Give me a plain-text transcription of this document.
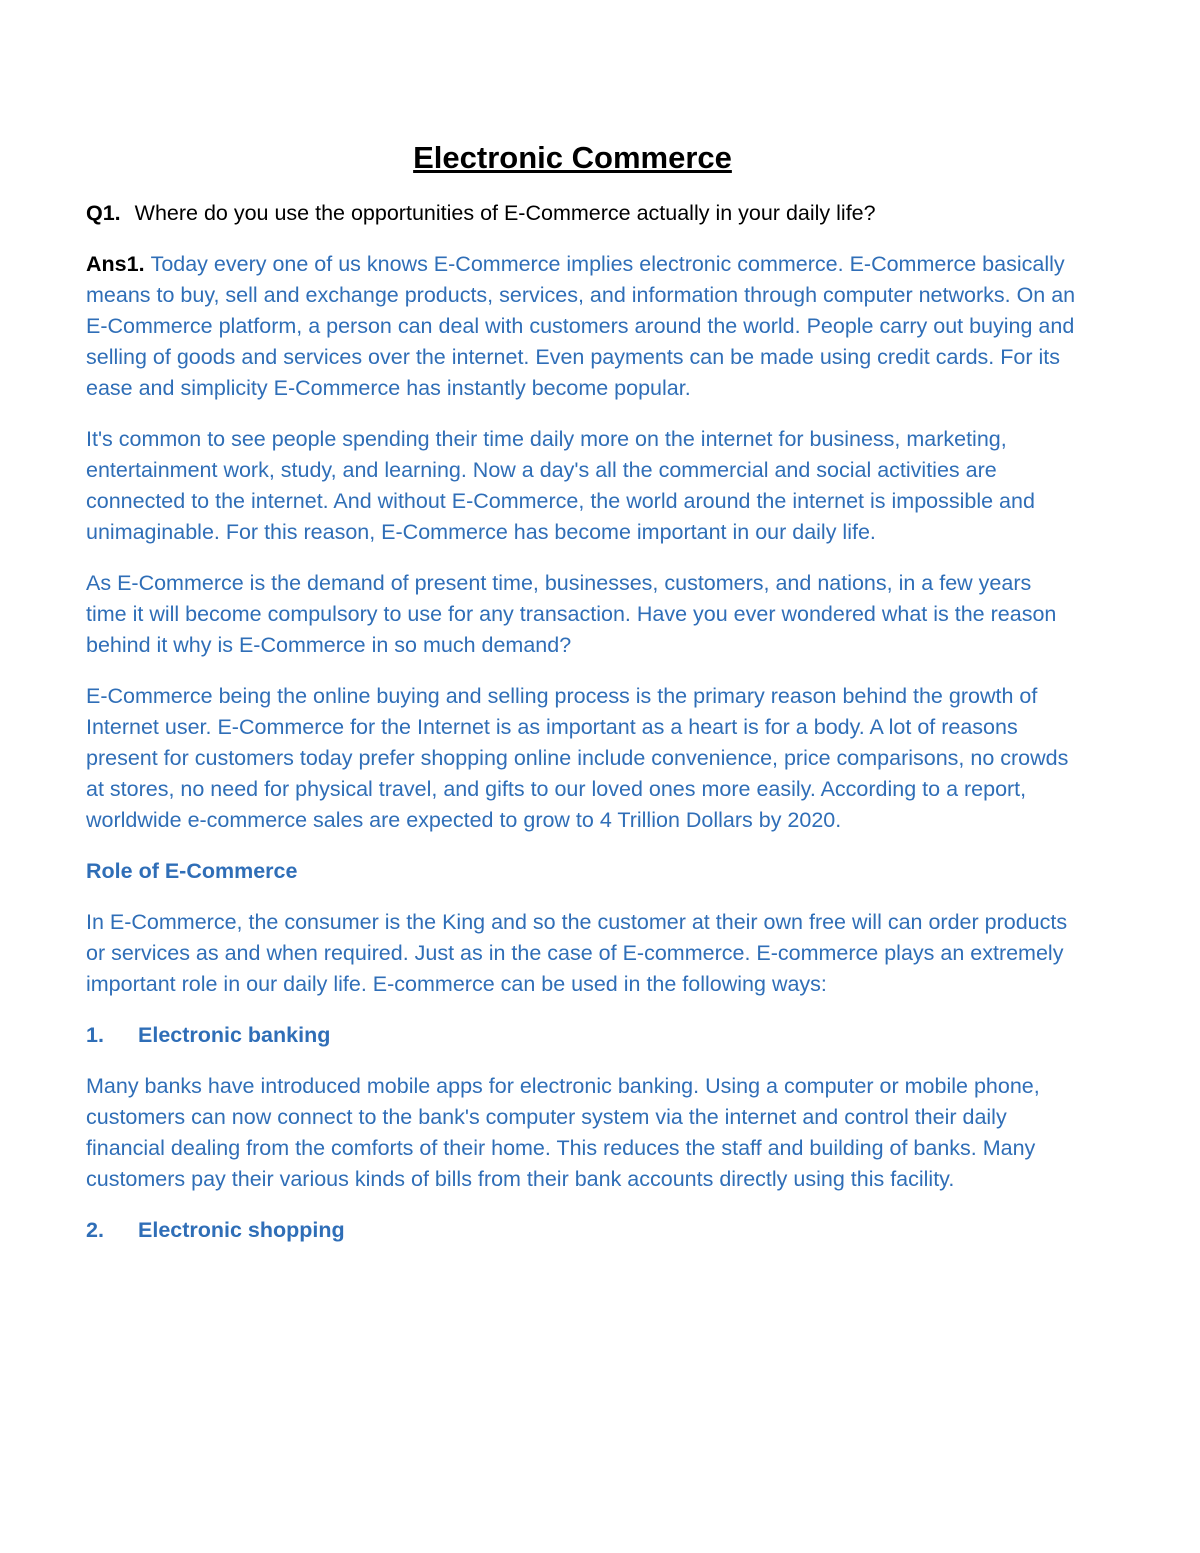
Electronic Commerce

Q1. Where do you use the opportunities of E-Commerce actually in your daily life?

Ans1. Today every one of us knows E-Commerce implies electronic commerce. E-Commerce basically means to buy, sell and exchange products, services, and information through computer networks. On an E-Commerce platform, a person can deal with customers around the world. People carry out buying and selling of goods and services over the internet. Even payments can be made using credit cards. For its ease and simplicity E-Commerce has instantly become popular.

It's common to see people spending their time daily more on the internet for business, marketing, entertainment work, study, and learning. Now a day's all the commercial and social activities are connected to the internet. And without E-Commerce, the world around the internet is impossible and unimaginable. For this reason, E-Commerce has become important in our daily life.

As E-Commerce is the demand of present time, businesses, customers, and nations, in a few years time it will become compulsory to use for any transaction. Have you ever wondered what is the reason behind it why is E-Commerce in so much demand?

E-Commerce being the online buying and selling process is the primary reason behind the growth of Internet user. E-Commerce for the Internet is as important as a heart is for a body. A lot of reasons present for customers today prefer shopping online include convenience, price comparisons, no crowds at stores, no need for physical travel, and gifts to our loved ones more easily. According to a report, worldwide e-commerce sales are expected to grow to 4 Trillion Dollars by 2020.

Role of E-Commerce

In E-Commerce, the consumer is the King and so the customer at their own free will can order products or services as and when required. Just as in the case of E-commerce. E-commerce plays an extremely important role in our daily life. E-commerce can be used in the following ways:

1. Electronic banking

Many banks have introduced mobile apps for electronic banking. Using a computer or mobile phone, customers can now connect to the bank's computer system via the internet and control their daily financial dealing from the comforts of their home. This reduces the staff and building of banks. Many customers pay their various kinds of bills from their bank accounts directly using this facility.

2. Electronic shopping
